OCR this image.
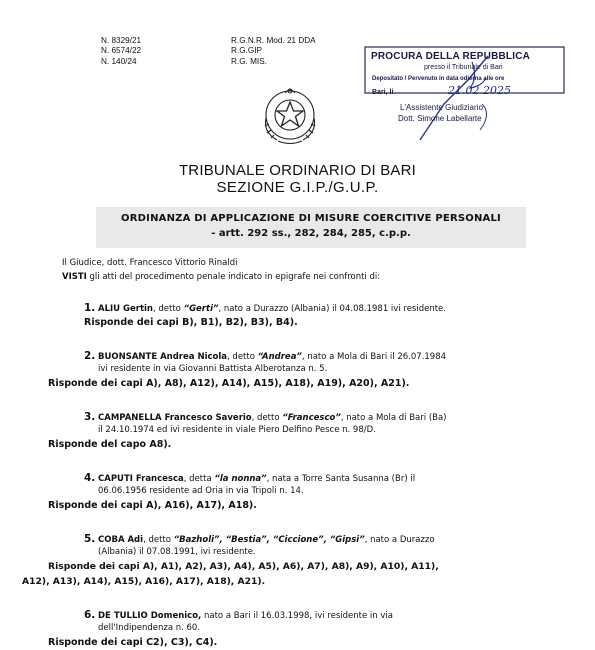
N. 8329/21
N. 6574/22
N. 140/24
R.G.N.R. Mod. 21 DDA
R.G.GIP
R.G. MIS.	PROCURA DELLA REPUBBLICA
presso il Tribunale di Bari
Depositato / Pervenuto in data odierna alle ore
Bari, li	21.02.2025
L'Assistente Giudiziario
Dott. Simone Labellarte
TRIBUNALE ORDINARIO DI BARI
SEZIONE G.I.P./G.U.P.
ORDINANZA DI APPLICAZIONE DI MISURE COERCITIVE PERSONALI
- artt. 292 ss., 282, 284, 285, c.p.p.
Il Giudice, dott. Francesco Vittorio Rinaldi
VISTI gli atti del procedimento penale indicato in epigrafe nei confronti di:
1. ALIU Gertin, detto “Gerti”, nato a Durazzo (Albania) il 04.08.1981 ivi residente.
Risponde dei capi B), B1), B2), B3), B4).
2. BUONSANTE Andrea Nicola, detto “Andrea”, nato a Mola di Bari il 26.07.1984
ivi residente in via Giovanni Battista Alberotanza n. 5.
Risponde dei capi A), A8), A12), A14), A15), A18), A19), A20), A21).
3. CAMPANELLA Francesco Saverio, detto “Francesco”, nato a Mola di Bari (Ba)
il 24.10.1974 ed ivi residente in viale Piero Delfino Pesce n. 98/D.
Risponde del capo A8).
4. CAPUTI Francesca, detta “la nonna”, nata a Torre Santa Susanna (Br) il
06.06.1956 residente ad Oria in via Tripoli n. 14.
Risponde dei capi A), A16), A17), A18).
5. COBA Adi, detto “Bazholi”, “Bestia”, “Ciccione”, “Gipsi”, nato a Durazzo
(Albania) il 07.08.1991, ivi residente.
Risponde dei capi A), A1), A2), A3), A4), A5), A6), A7), A8), A9), A10), A11),
A12), A13), A14), A15), A16), A17), A18), A21).
6. DE TULLIO Domenico, nato a Bari il 16.03.1998, ivi residente in via
dell'Indipendenza n. 60.
Risponde dei capi C2), C3), C4).
